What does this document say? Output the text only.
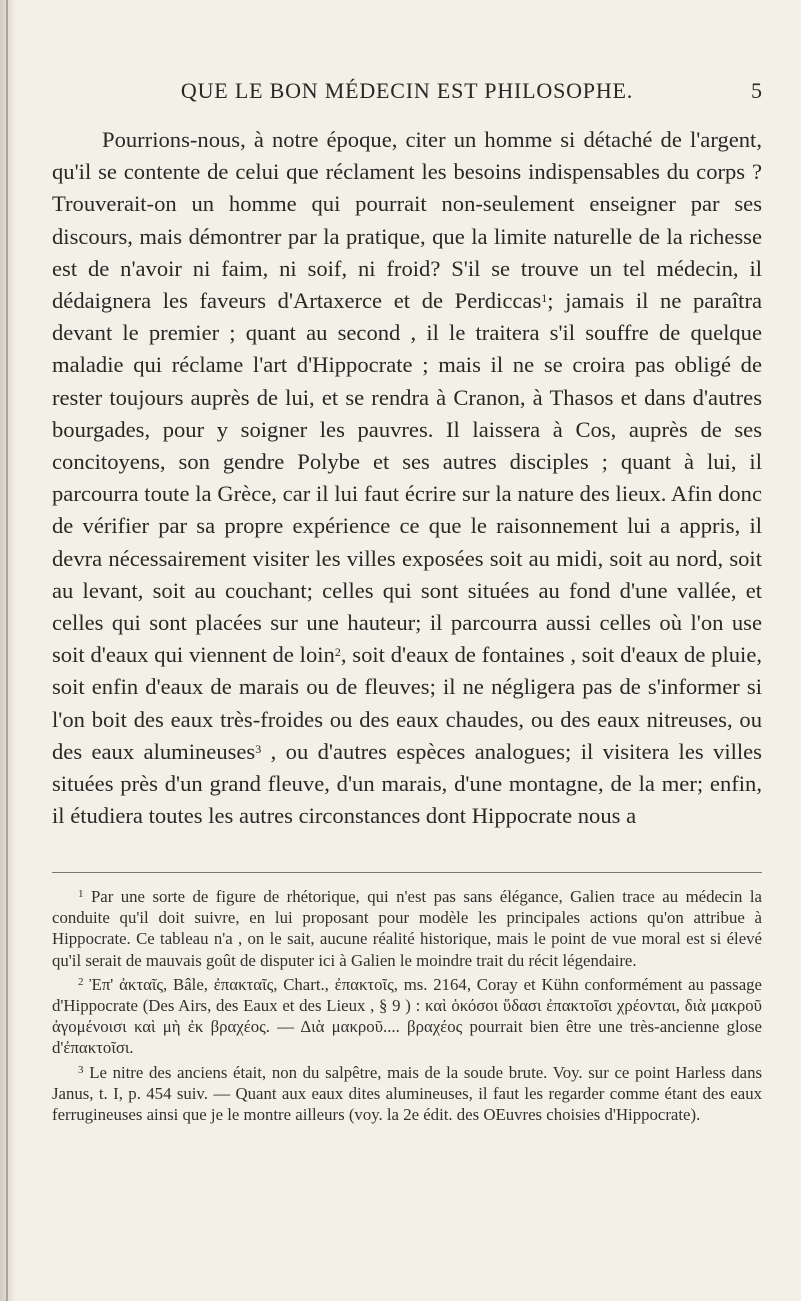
QUE LE BON MÉDECIN EST PHILOSOPHE.	5

Pourrions-nous, à notre époque, citer un homme si détaché de l'argent, qu'il se contente de celui que réclament les besoins indispensables du corps ? Trouverait-on un homme qui pourrait non-seulement enseigner par ses discours, mais démontrer par la pratique, que la limite naturelle de la richesse est de n'avoir ni faim, ni soif, ni froid? S'il se trouve un tel médecin, il dédaignera les faveurs d'Artaxerce et de Perdiccas$^1$; jamais il ne paraîtra devant le premier ; quant au second , il le traitera s'il souffre de quelque maladie qui réclame l'art d'Hippocrate ; mais il ne se croira pas obligé de rester toujours auprès de lui, et se rendra à Cranon, à Thasos et dans d'autres bourgades, pour y soigner les pauvres. Il laissera à Cos, auprès de ses concitoyens, son gendre Polybe et ses autres disciples ; quant à lui, il parcourra toute la Grèce, car il lui faut écrire sur la nature des lieux. Afin donc de vérifier par sa propre expérience ce que le raisonnement lui a appris, il devra nécessairement visiter les villes exposées soit au midi, soit au nord, soit au levant, soit au couchant; celles qui sont situées au fond d'une vallée, et celles qui sont placées sur une hauteur; il parcourra aussi celles où l'on use soit d'eaux qui viennent de loin$^2$, soit d'eaux de fontaines , soit d'eaux de pluie, soit enfin d'eaux de marais ou de fleuves; il ne négligera pas de s'informer si l'on boit des eaux très-froides ou des eaux chaudes, ou des eaux nitreuses, ou des eaux alumineuses$^3$ , ou d'autres espèces analogues; il visitera les villes situées près d'un grand fleuve, d'un marais, d'une montagne, de la mer; enfin, il étudiera toutes les autres circonstances dont Hippocrate nous a

$^1$ Par une sorte de figure de rhétorique, qui n'est pas sans élégance, Galien trace au médecin la conduite qu'il doit suivre, en lui proposant pour modèle les principales actions qu'on attribue à Hippocrate. Ce tableau n'a , on le sait, aucune réalité historique, mais le point de vue moral est si élevé qu'il serait de mauvais goût de disputer ici à Galien le moindre trait du récit légendaire.

$^2$ Ἐπ' ἀκταῖς, Bâle, ἐπακταῖς, Chart., ἐπακτοῖς, ms. 2164, Coray et Kühn conformément au passage d'Hippocrate (Des Airs, des Eaux et des Lieux , § 9 ) : καὶ ὁκόσοι ὕδασι ἐπακτοῖσι χρέονται, διὰ μακροῦ ἀγομένοισι καὶ μὴ ἐκ βραχέος. — Διὰ μακροῦ.... βραχέος pourrait bien être une très-ancienne glose d'ἐπακτοῖσι.

$^3$ Le nitre des anciens était, non du salpêtre, mais de la soude brute. Voy. sur ce point Harless dans Janus, t. I, p. 454 suiv. — Quant aux eaux dites alumineuses, il faut les regarder comme étant des eaux ferrugineuses ainsi que je le montre ailleurs (voy. la 2e édit. des OEuvres choisies d'Hippocrate).
